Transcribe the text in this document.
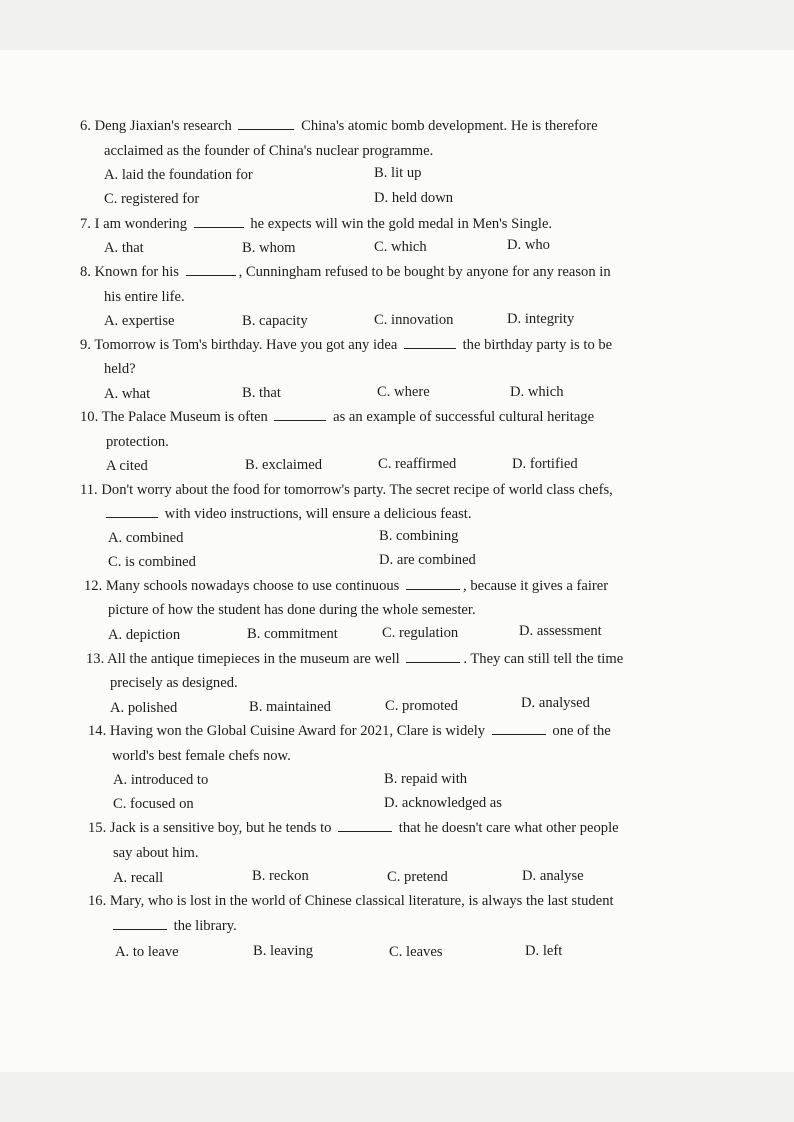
6. Deng Jiaxian's research	China's atomic bomb development. He is therefore
acclaimed as the founder of China's nuclear programme.
A. laid the foundation for	B. lit up
C. registered for	D. held down
7. I am wondering	he expects will win the gold medal in Men's Single.
A. that	B. whom	C. which	D. who
8. Known for his	, Cunningham refused to be bought by anyone for any reason in
his entire life.
A. expertise	B. capacity	C. innovation	D. integrity
9. Tomorrow is Tom's birthday. Have you got any idea	the birthday party is to be
held?
A. what	B. that	C. where	D. which
10. The Palace Museum is often	as an example of successful cultural heritage
protection.
A cited	B. exclaimed	C. reaffirmed	D. fortified
11. Don't worry about the food for tomorrow's party. The secret recipe of world class chefs,
with video instructions, will ensure a delicious feast.
A. combined	B. combining
C. is combined	D. are combined
12. Many schools nowadays choose to use continuous	, because it gives a fairer
picture of how the student has done during the whole semester.
A. depiction	B. commitment	C. regulation	D. assessment
13. All the antique timepieces in the museum are well	. They can still tell the time
precisely as designed.
A. polished	B. maintained	C. promoted	D. analysed
14. Having won the Global Cuisine Award for 2021, Clare is widely	one of the
world's best female chefs now.
A. introduced to	B. repaid with
C. focused on	D. acknowledged as
15. Jack is a sensitive boy, but he tends to	that he doesn't care what other people
say about him.
A. recall	B. reckon	C. pretend	D. analyse
16. Mary, who is lost in the world of Chinese classical literature, is always the last student
the library.
A. to leave	B. leaving	C. leaves	D. left
